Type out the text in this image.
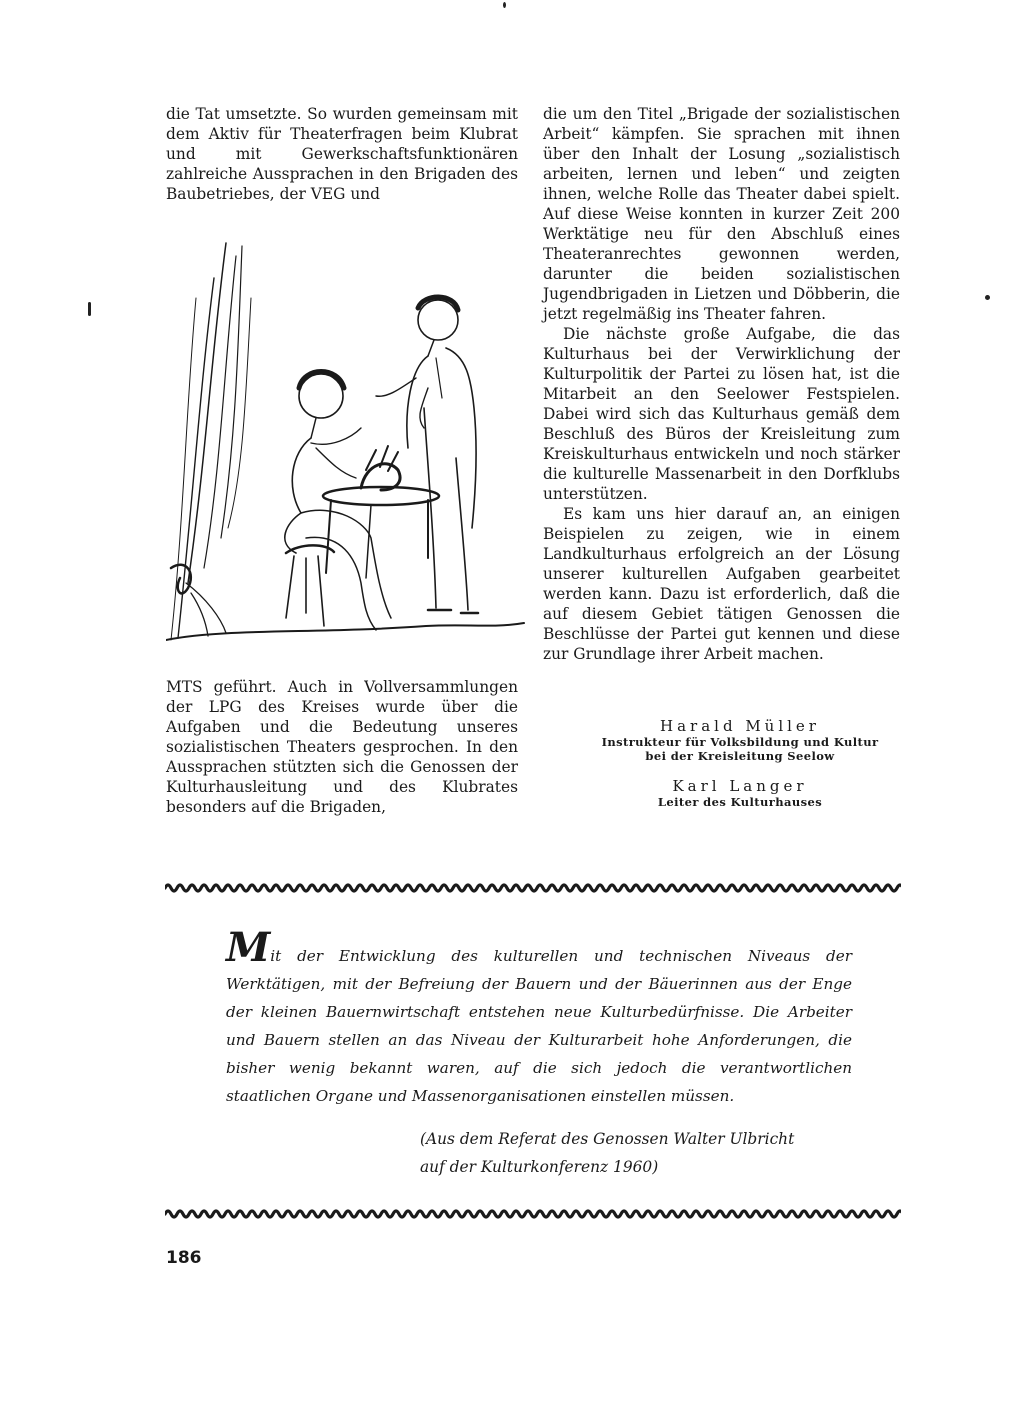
die Tat umsetzte. So wurden gemeinsam mit dem Aktiv für Theaterfragen beim Klubrat und mit Gewerkschaftsfunktionären zahlreiche Aussprachen in den Brigaden des Baubetriebes, der VEG und

MTS geführt. Auch in Vollversammlungen der LPG des Kreises wurde über die Aufgaben und die Bedeutung unseres sozialistischen Theaters gesprochen. In den Aussprachen stützten sich die Genossen der Kulturhausleitung und des Klubrates besonders auf die Brigaden,

die um den Titel „Brigade der sozialistischen Arbeit“ kämpfen. Sie sprachen mit ihnen über den Inhalt der Losung „sozialistisch arbeiten, lernen und leben“ und zeigten ihnen, welche Rolle das Theater dabei spielt. Auf diese Weise konnten in kurzer Zeit 200 Werktätige neu für den Abschluß eines Theateranrechtes gewonnen werden, darunter die beiden sozialistischen Jugendbrigaden in Lietzen und Döbberin, die jetzt regelmäßig ins Theater fahren.

Die nächste große Aufgabe, die das Kulturhaus bei der Verwirklichung der Kulturpolitik der Partei zu lösen hat, ist die Mitarbeit an den Seelower Festspielen. Dabei wird sich das Kulturhaus gemäß dem Beschluß des Büros der Kreisleitung zum Kreiskulturhaus entwickeln und noch stärker die kulturelle Massenarbeit in den Dorfklubs unterstützen.

Es kam uns hier darauf an, an einigen Beispielen zu zeigen, wie in einem Landkulturhaus erfolgreich an der Lösung unserer kulturellen Aufgaben gearbeitet werden kann. Dazu ist erforderlich, daß die auf diesem Gebiet tätigen Genossen die Beschlüsse der Partei gut kennen und diese zur Grundlage ihrer Arbeit machen.

Harald Müller
Instrukteur für Volksbildung und Kultur
bei der Kreisleitung Seelow
Karl Langer
Leiter des Kulturhauses
Mit der Entwicklung des kulturellen und technischen Niveaus der Werktätigen, mit der Befreiung der Bauern und der Bäuerinnen aus der Enge der kleinen Bauernwirtschaft entstehen neue Kulturbedürfnisse. Die Arbeiter und Bauern stellen an das Niveau der Kulturarbeit hohe Anforderungen, die bisher wenig bekannt waren, auf die sich jedoch die verantwortlichen staatlichen Organe und Massenorganisationen einstellen müssen.
(Aus dem Referat des Genossen Walter Ulbricht
auf der Kulturkonferenz 1960)
186
